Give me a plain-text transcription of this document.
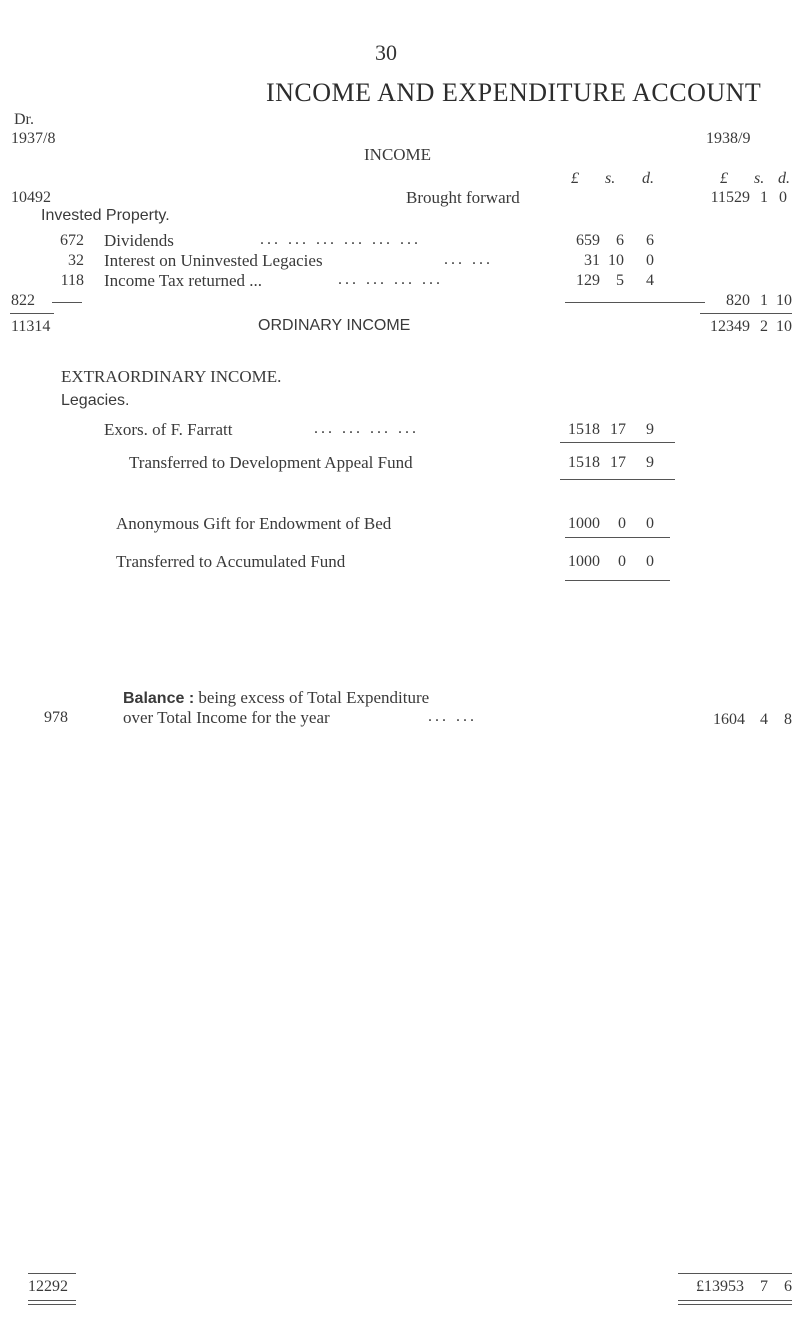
30
INCOME AND EXPENDITURE ACCOUNT
Dr.
1937/8	1938/9
INCOME
£ s. d.	£ s. d.
10492	Brought forward	11529 1 0
Invested Property.
672 Dividends	... ... ... ... ... ...	659	6	6
32 Interest on Uninvested Legacies	... ...	31 10	0
118 Income Tax returned ...	... ... ... ...	129	5	4
822	820 1 10
11314	ORDINARY INCOME	12349 2 10
EXTRAORDINARY INCOME.
Legacies.
Exors. of F. Farratt	... ... ... ...	1518 17	9
Transferred to Development Appeal Fund	1518 17	9
Anonymous Gift for Endowment of Bed	1000	0	0
Transferred to Accumulated Fund	1000	0	0
Balance : being excess of Total Expenditure
978	over Total Income for the year	... ...	1604 4	8
12292	£13953	7	6
